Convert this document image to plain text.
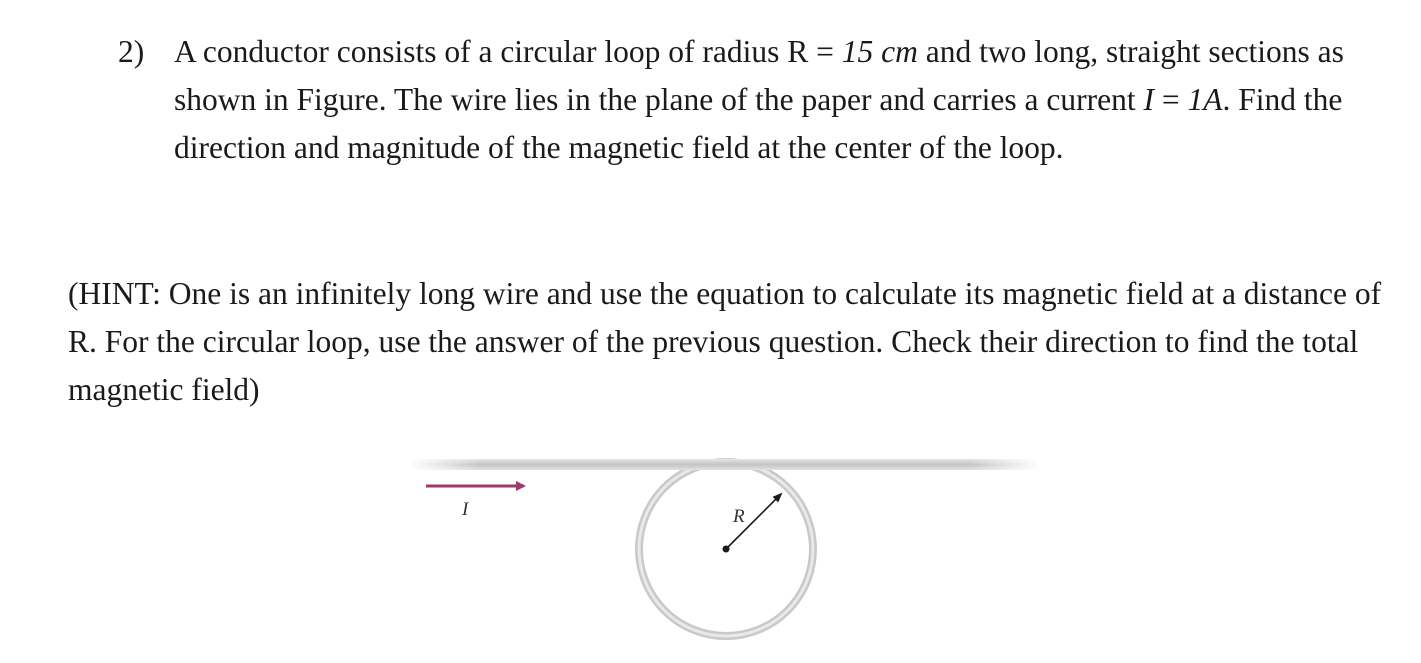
2) A conductor consists of a circular loop of radius R = 15 cm and two long, straight sections as shown in Figure. The wire lies in the plane of the paper and carries a current I = 1A. Find the direction and magnitude of the magnetic field at the center of the loop.
(HINT: One is an infinitely long wire and use the equation to calculate its magnetic field at a distance of R. For the circular loop, use the answer of the previous question. Check their direction to find the total magnetic field)
I	R
